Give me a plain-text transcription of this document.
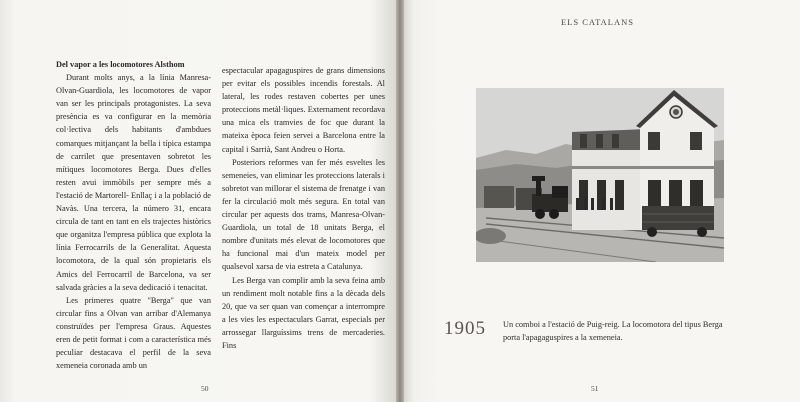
Del vapor a les locomotores Alsthom

Durant molts anys, a la línia Manresa-Olvan-Guardiola, les locomotores de vapor van ser les principals protagonistes. La seva presència es va configurar en la memòria col·lectiva dels habitants d'ambdues comarques mitjançant la bella i típica estampa de carrilet que presentaven sobretot les mítiques locomotores Berga. Dues d'elles resten avui immòbils per sempre més a l'estació de Martorell- Enllaç i a la població de Navàs. Una tercera, la número 31, encara circula de tant en tant en els trajectes històrics que organitza l'empresa pública que explota la línia Ferrocarrils de la Generalitat. Aquesta locomotora, de la qual són propietaris els Amics del Ferrocarril de Barcelona, va ser salvada gràcies a la seva dedicació i tenacitat.

Les primeres quatre "Berga" que van circular fins a Olvan van arribar d'Alemanya construïdes per l'empresa Graus. Aquestes eren de petit format i com a característica més peculiar destacava el perfil de la seva xemeneia coronada amb un

espectacular apagaguspires de grans dimensions per evitar els possibles incendis forestals. Al lateral, les rodes restaven cobertes per unes proteccions metàl·liques. Externament recordava una mica els tramvies de foc que durant la mateixa època feien servei a Barcelona entre la capital i Sarrià, Sant Andreu o Horta.

Posteriors reformes van fer més esveltes les semeneies, van eliminar les proteccions laterals i sobretot van millorar el sistema de frenatge i van fer la circulació molt més segura. En total van circular per aquests dos trams, Manresa-Olvan-Guardiola, un total de 18 unitats Berga, el nombre d'unitats més elevat de locomotores que ha funcional mai d'un mateix model per qualsevol xarsa de via estreta a Catalunya.

Les Berga van complir amb la seva feina amb un rendiment molt notable fins a la dècada dels 20, que va ser quan van començar a interrompre a les vies les espectaculars Garrat, especials per arrossegar llarguíssims trens de mercaderies. Fins

50
ELS CATALANS
1905 Un comboi a l'estació de Puig-reig. La locomotora del tipus Berga porta l'apagaguspires a la xemeneia.
51
